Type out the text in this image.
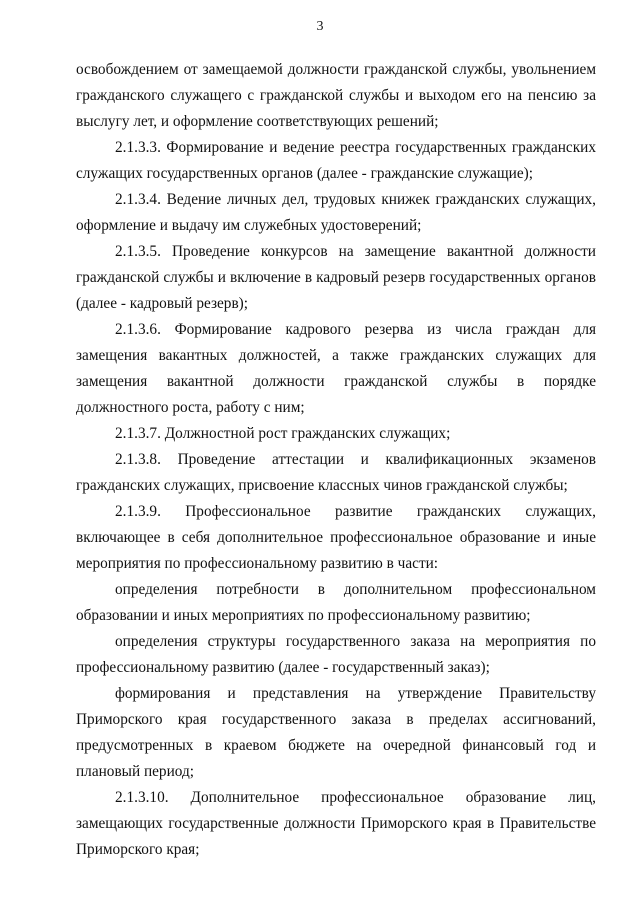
3

освобождением от замещаемой должности гражданской службы, увольнением гражданского служащего с гражданской службы и выходом его на пенсию за выслугу лет, и оформление соответствующих решений;

2.1.3.3. Формирование и ведение реестра государственных гражданских служащих государственных органов (далее - гражданские служащие);

2.1.3.4. Ведение личных дел, трудовых книжек гражданских служащих, оформление и выдачу им служебных удостоверений;

2.1.3.5. Проведение конкурсов на замещение вакантной должности гражданской службы и включение в кадровый резерв государственных органов (далее - кадровый резерв);

2.1.3.6. Формирование кадрового резерва из числа граждан для замещения вакантных должностей, а также гражданских служащих для замещения вакантной должности гражданской службы в порядке должностного роста, работу с ним;

2.1.3.7. Должностной рост гражданских служащих;

2.1.3.8. Проведение аттестации и квалификационных экзаменов гражданских служащих, присвоение классных чинов гражданской службы;

2.1.3.9. Профессиональное развитие гражданских служащих, включающее в себя дополнительное профессиональное образование и иные мероприятия по профессиональному развитию в части:

определения потребности в дополнительном профессиональном образовании и иных мероприятиях по профессиональному развитию;

определения структуры государственного заказа на мероприятия по профессиональному развитию (далее - государственный заказ);

формирования и представления на утверждение Правительству Приморского края государственного заказа в пределах ассигнований, предусмотренных в краевом бюджете на очередной финансовый год и плановый период;

2.1.3.10. Дополнительное профессиональное образование лиц, замещающих государственные должности Приморского края в Правительстве Приморского края;
